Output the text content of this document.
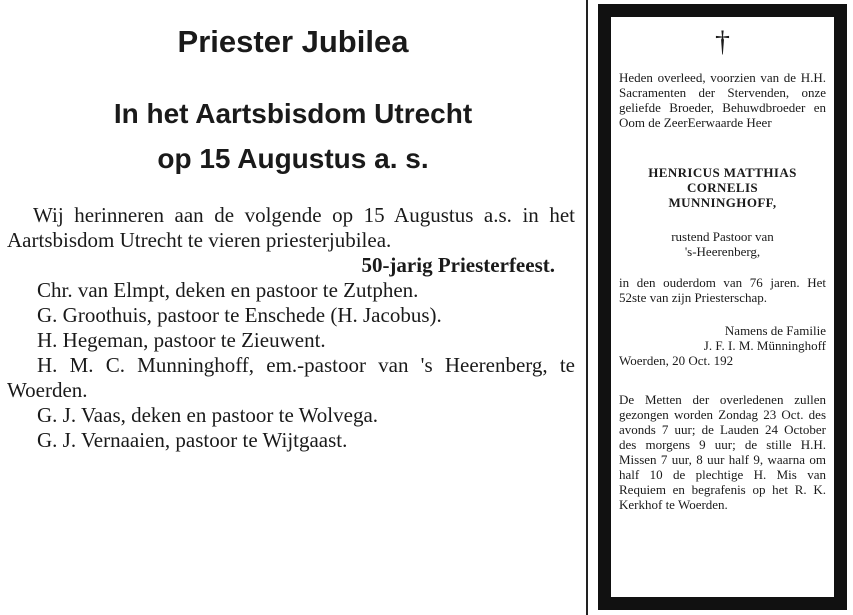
Priester Jubilea
In het Aartsbisdom Utrecht
op 15 Augustus a. s.

Wij herinneren aan de volgende op 15 Augustus a.s. in het Aartsbisdom Utrecht te vieren priesterjubilea.

50-jarig Priesterfeest.

Chr. van Elmpt, deken en pastoor te Zutphen.

G. Groothuis, pastoor te Enschede (H. Jacobus).

H. Hegeman, pastoor te Zieuwent.

H. M. C. Munninghoff, em.-pastoor van 's Heerenberg, te Woerden.

G. J. Vaas, deken en pastoor te Wolvega.

G. J. Vernaaien, pastoor te Wijtgaast.

†

Heden overleed, voorzien van de H.H. Sacramenten der Stervenden, onze geliefde Broeder, Behuwdbroeder en Oom de ZeerEerwaarde Heer

HENRICUS MATTHIAS

CORNELIS

MUNNINGHOFF,

rustend Pastoor van

's-Heerenberg,

in den ouderdom van 76 jaren. Het 52ste van zijn Priesterschap.

Namens de Familie

J. F. I. M. Münninghoff

Woerden, 20 Oct. 192

De Metten der overledenen zullen gezongen worden Zondag 23 Oct. des avonds 7 uur; de Lauden 24 October des morgens 9 uur; de stille H.H. Missen 7 uur, 8 uur half 9, waarna om half 10 de plechtige H. Mis van Requiem en begrafenis op het R. K. Kerkhof te Woerden.
